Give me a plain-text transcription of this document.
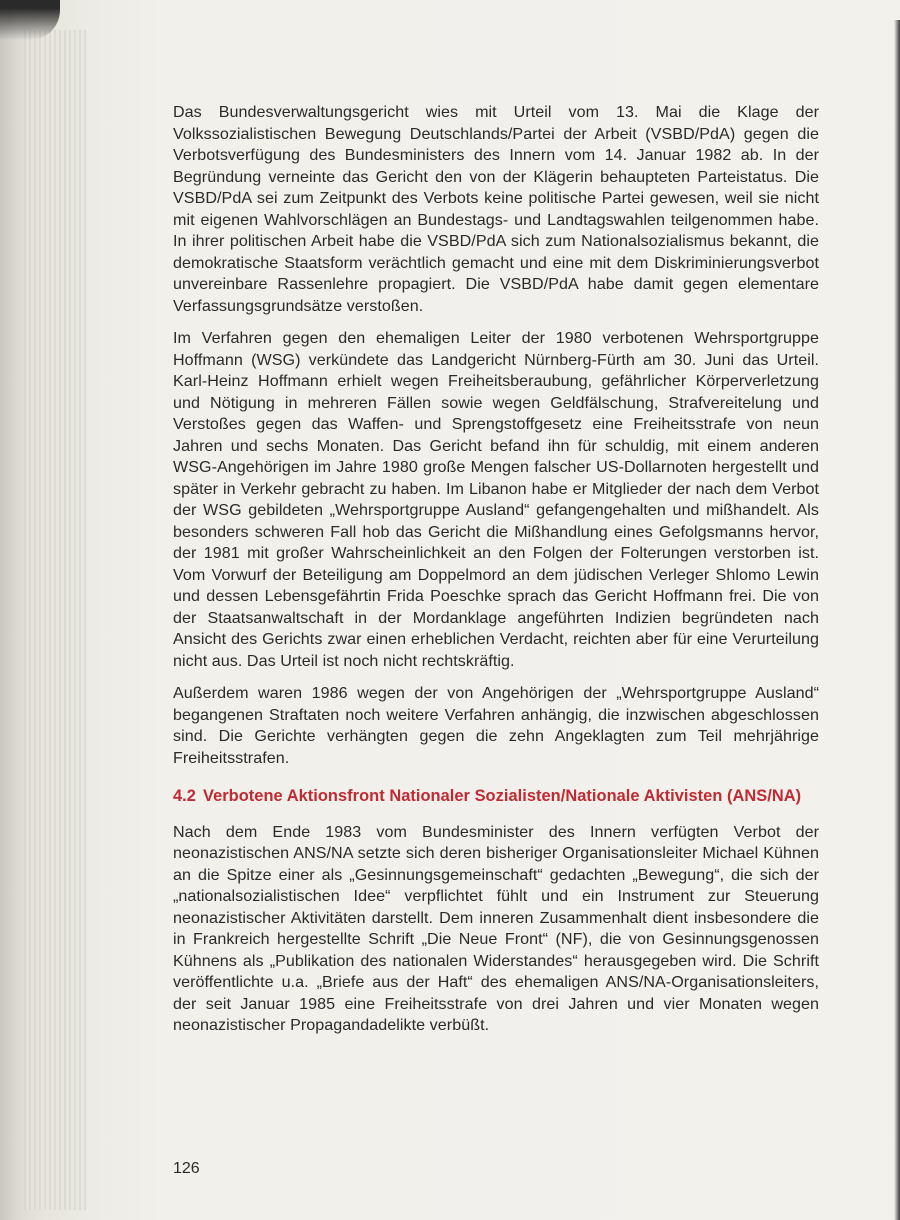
Das Bundesverwaltungsgericht wies mit Urteil vom 13. Mai die Klage der Volkssozialistischen Bewegung Deutschlands/Partei der Arbeit (VSBD/PdA) gegen die Verbotsverfügung des Bundesministers des Innern vom 14. Januar 1982 ab. In der Begründung verneinte das Gericht den von der Klägerin behaupteten Parteistatus. Die VSBD/PdA sei zum Zeitpunkt des Verbots keine politische Partei gewesen, weil sie nicht mit eigenen Wahlvorschlägen an Bundestags- und Landtagswahlen teilgenommen habe. In ihrer politischen Arbeit habe die VSBD/PdA sich zum Nationalsozialismus bekannt, die demokratische Staatsform verächtlich gemacht und eine mit dem Diskriminierungsverbot unvereinbare Rassenlehre propagiert. Die VSBD/PdA habe damit gegen elementare Verfassungsgrundsätze verstoßen.

Im Verfahren gegen den ehemaligen Leiter der 1980 verbotenen Wehrsportgruppe Hoffmann (WSG) verkündete das Landgericht Nürnberg-Fürth am 30. Juni das Urteil. Karl-Heinz Hoffmann erhielt wegen Freiheitsberaubung, gefährlicher Körperverletzung und Nötigung in mehreren Fällen sowie wegen Geldfälschung, Strafvereitelung und Verstoßes gegen das Waffen- und Sprengstoffgesetz eine Freiheitsstrafe von neun Jahren und sechs Monaten. Das Gericht befand ihn für schuldig, mit einem anderen WSG-Angehörigen im Jahre 1980 große Mengen falscher US-Dollarnoten hergestellt und später in Verkehr gebracht zu haben. Im Libanon habe er Mitglieder der nach dem Verbot der WSG gebildeten „Wehrsportgruppe Ausland“ gefangengehalten und mißhandelt. Als besonders schweren Fall hob das Gericht die Mißhandlung eines Gefolgsmanns hervor, der 1981 mit großer Wahrscheinlichkeit an den Folgen der Folterungen verstorben ist. Vom Vorwurf der Beteiligung am Doppelmord an dem jüdischen Verleger Shlomo Lewin und dessen Lebensgefährtin Frida Poeschke sprach das Gericht Hoffmann frei. Die von der Staatsanwaltschaft in der Mordanklage angeführten Indizien begründeten nach Ansicht des Gerichts zwar einen erheblichen Verdacht, reichten aber für eine Verurteilung nicht aus. Das Urteil ist noch nicht rechtskräftig.

Außerdem waren 1986 wegen der von Angehörigen der „Wehrsportgruppe Ausland“ begangenen Straftaten noch weitere Verfahren anhängig, die inzwischen abgeschlossen sind. Die Gerichte verhängten gegen die zehn Angeklagten zum Teil mehrjährige Freiheitsstrafen.

4.2 Verbotene Aktionsfront Nationaler Sozialisten/Nationale Aktivisten (ANS/NA)

Nach dem Ende 1983 vom Bundesminister des Innern verfügten Verbot der neonazistischen ANS/NA setzte sich deren bisheriger Organisationsleiter Michael Kühnen an die Spitze einer als „Gesinnungsgemeinschaft“ gedachten „Bewegung“, die sich der „nationalsozialistischen Idee“ verpflichtet fühlt und ein Instrument zur Steuerung neonazistischer Aktivitäten darstellt. Dem inneren Zusammenhalt dient insbesondere die in Frankreich hergestellte Schrift „Die Neue Front“ (NF), die von Gesinnungsgenossen Kühnens als „Publikation des nationalen Widerstandes“ herausgegeben wird. Die Schrift veröffentlichte u.a. „Briefe aus der Haft“ des ehemaligen ANS/NA-Organisationsleiters, der seit Januar 1985 eine Freiheitsstrafe von drei Jahren und vier Monaten wegen neonazistischer Propagandadelikte verbüßt.

126
